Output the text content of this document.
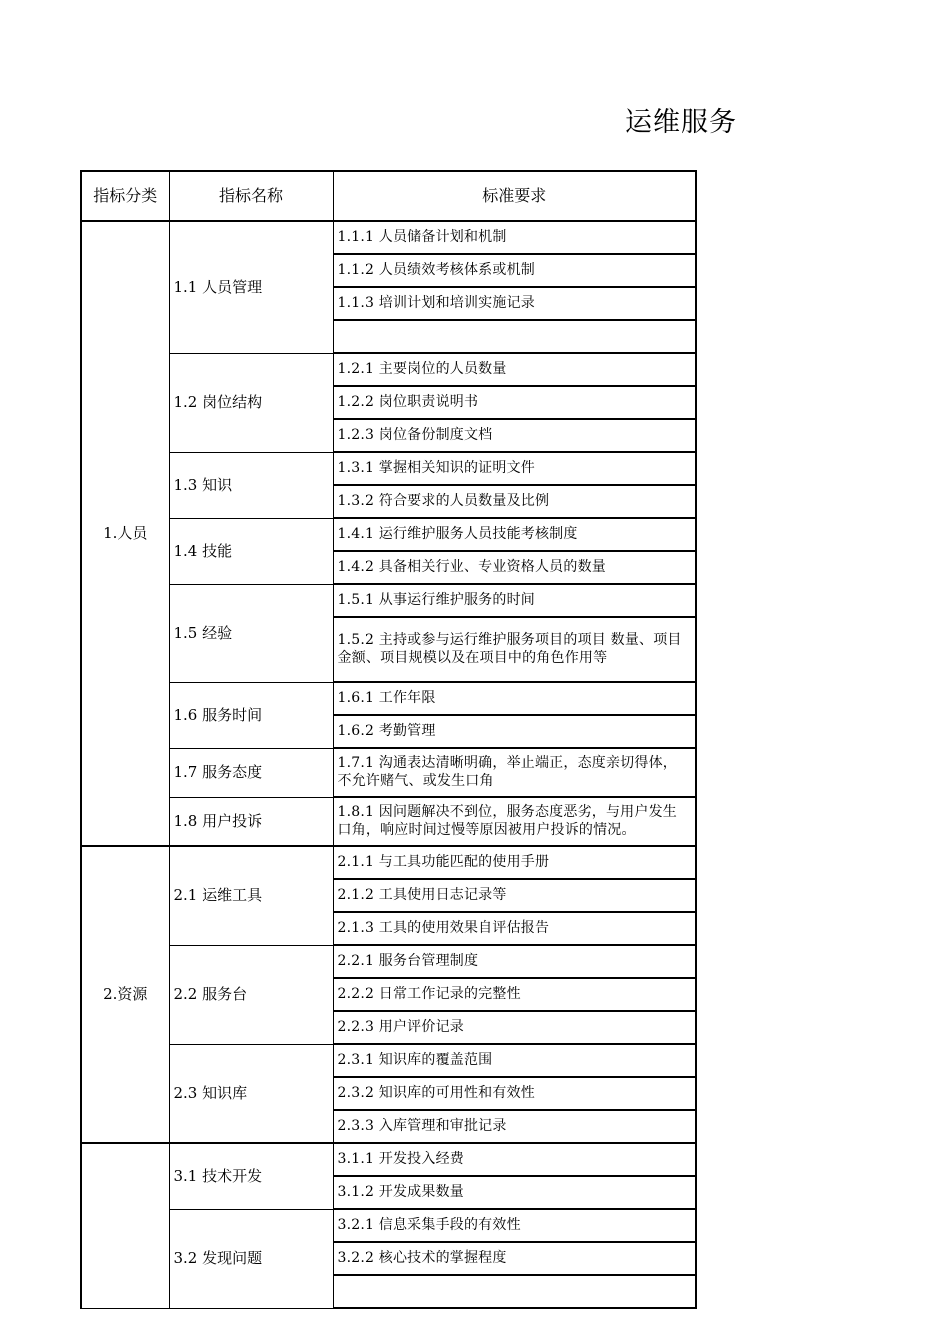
运维服务
指标分类	指标名称	标准要求
1.人员	1.1 人员管理	1.1.1 人员储备计划和机制

		1.1.2 人员绩效考核体系或机制

		1.1.3 培训计划和培训实施记录

	1.2 岗位结构	1.2.1 主要岗位的人员数量

		1.2.2 岗位职责说明书

		1.2.3 岗位备份制度文档

	1.3 知识	1.3.1 掌握相关知识的证明文件

		1.3.2 符合要求的人员数量及比例

	1.4 技能	1.4.1 运行维护服务人员技能考核制度

		1.4.2 具备相关行业、专业资格人员的数量

	1.5 经验	1.5.1 从事运行维护服务的时间

		1.5.2 主持或参与运行维护服务项目的项目 数量、项目金额、项目规模以及在项目中的角色作用等

	1.6 服务时间	1.6.1 工作年限

		1.6.2 考勤管理

	1.7 服务态度	1.7.1 沟通表达清晰明确，举止端正，态度亲切得体，不允许赌气、或发生口角

	1.8 用户投诉	1.8.1 因问题解决不到位，服务态度恶劣，与用户发生口角，响应时间过慢等原因被用户投诉的情况。

2.资源	2.1 运维工具	2.1.1 与工具功能匹配的使用手册

		2.1.2 工具使用日志记录等

		2.1.3 工具的使用效果自评估报告

	2.2 服务台	2.2.1 服务台管理制度

		2.2.2 日常工作记录的完整性

		2.2.3 用户评价记录

	2.3 知识库	2.3.1 知识库的覆盖范围

		2.3.2 知识库的可用性和有效性

		2.3.3 入库管理和审批记录

	3.1 技术开发	3.1.1 开发投入经费

		3.1.2 开发成果数量

	3.2 发现问题	3.2.1 信息采集手段的有效性

		3.2.2 核心技术的掌握程度
